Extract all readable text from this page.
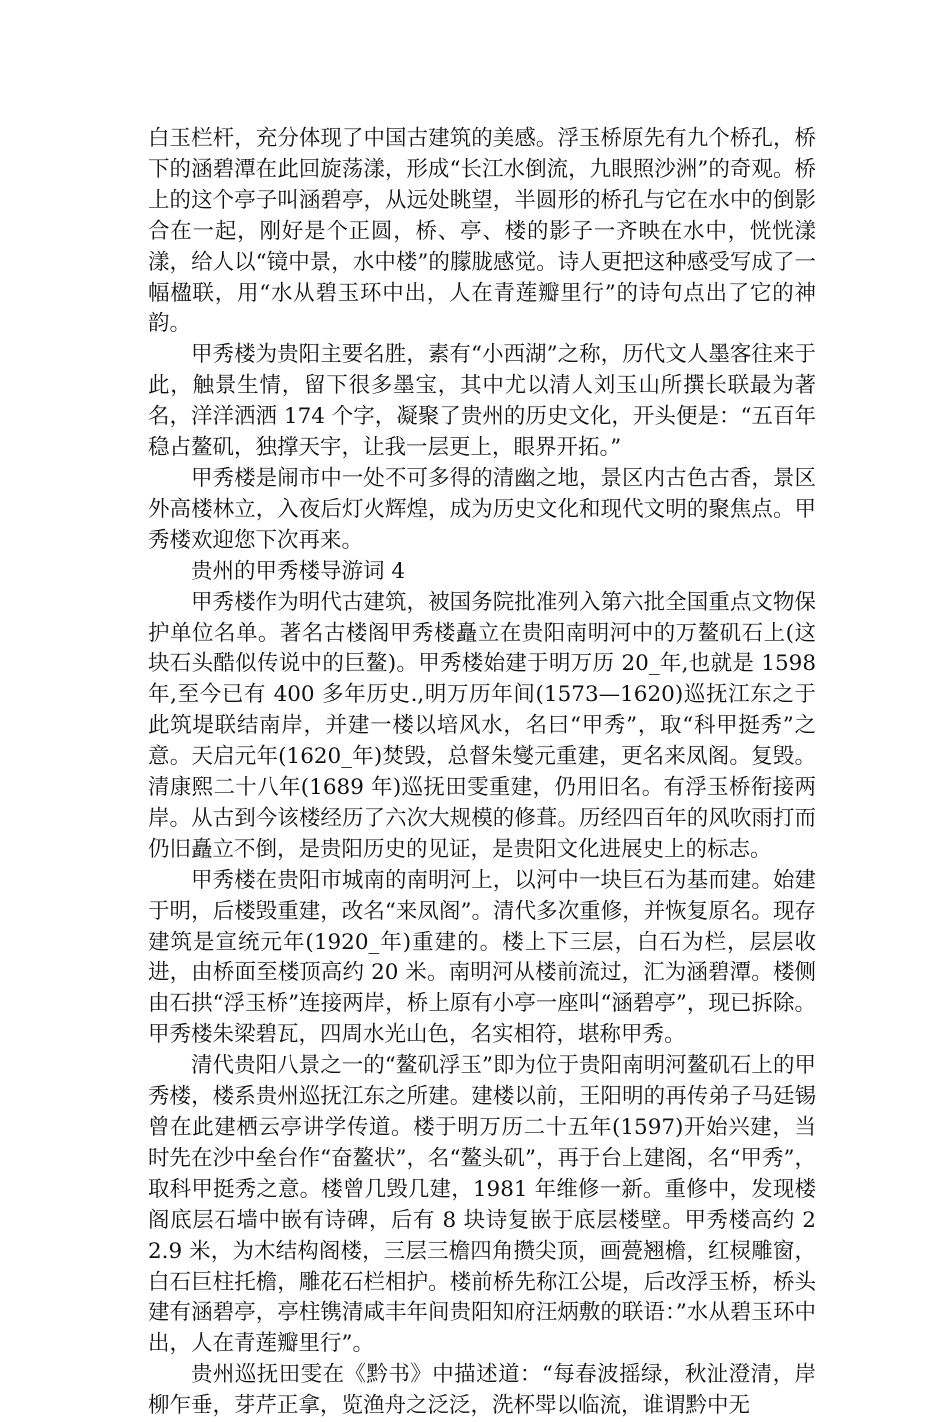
白玉栏杆，充分体现了中国古建筑的美感。浮玉桥原先有九个桥孔，桥下的涵碧潭在此回旋荡漾，形成“长江水倒流，九眼照沙洲”的奇观。桥上的这个亭子叫涵碧亭，从远处眺望，半圆形的桥孔与它在水中的倒影合在一起，刚好是个正圆，桥、亭、楼的影子一齐映在水中，恍恍漾漾，给人以“镜中景，水中楼”的朦胧感觉。诗人更把这种感受写成了一幅楹联，用“水从碧玉环中出，人在青莲瓣里行”的诗句点出了它的神韵。

甲秀楼为贵阳主要名胜，素有“小西湖”之称，历代文人墨客往来于此，触景生情，留下很多墨宝，其中尤以清人刘玉山所撰长联最为著名，洋洋洒洒 174 个字，凝聚了贵州的历史文化，开头便是：“五百年稳占鳌矶，独撑天宇，让我一层更上，眼界开拓。”

甲秀楼是闹市中一处不可多得的清幽之地，景区内古色古香，景区外高楼林立，入夜后灯火辉煌，成为历史文化和现代文明的聚焦点。甲秀楼欢迎您下次再来。

贵州的甲秀楼导游词 4

甲秀楼作为明代古建筑，被国务院批准列入第六批全国重点文物保护单位名单。著名古楼阁甲秀楼矗立在贵阳南明河中的万鳌矶石上(这块石头酷似传说中的巨鳌)。甲秀楼始建于明万历 20_年,也就是 1598 年,至今已有 400 多年历史.,明万历年间(1573—1620)巡抚江东之于此筑堤联结南岸，并建一楼以培风水，名曰“甲秀”，取“科甲挺秀”之意。天启元年(1620_年)焚毁，总督朱燮元重建，更名来凤阁。复毁。清康熙二十八年(1689 年)巡抚田雯重建，仍用旧名。有浮玉桥衔接两岸。从古到今该楼经历了六次大规模的修葺。历经四百年的风吹雨打而仍旧矗立不倒，是贵阳历史的见证，是贵阳文化进展史上的标志。

甲秀楼在贵阳市城南的南明河上，以河中一块巨石为基而建。始建于明，后楼毁重建，改名“来凤阁”。清代多次重修，并恢复原名。现存建筑是宣统元年(1920_年)重建的。楼上下三层，白石为栏，层层收进，由桥面至楼顶高约 20 米。南明河从楼前流过，汇为涵碧潭。楼侧由石拱“浮玉桥”连接两岸，桥上原有小亭一座叫“涵碧亭”，现已拆除。甲秀楼朱梁碧瓦，四周水光山色，名实相符，堪称甲秀。

清代贵阳八景之一的“鳌矶浮玉”即为位于贵阳南明河鳌矶石上的甲秀楼，楼系贵州巡抚江东之所建。建楼以前，王阳明的再传弟子马廷锡曾在此建栖云亭讲学传道。楼于明万历二十五年(1597)开始兴建，当时先在沙中垒台作“奋鳌状”，名“鳌头矶”，再于台上建阁，名“甲秀”，取科甲挺秀之意。楼曾几毁几建，1981 年维修一新。重修中，发现楼阁底层石墙中嵌有诗碑，后有 8 块诗复嵌于底层楼壁。甲秀楼高约 22.9 米，为木结构阁楼，三层三檐四角攒尖顶，画甍翘檐，红棂雕窗，白石巨柱托檐，雕花石栏相护。楼前桥先称江公堤，后改浮玉桥，桥头建有涵碧亭，亭柱镌清咸丰年间贵阳知府汪炳敷的联语：”水从碧玉环中出，人在青莲瓣里行”。

贵州巡抚田雯在《黔书》中描述道：“每春波摇绿，秋沚澄清，岸柳乍垂，芽芹正拿，览渔舟之泛泛，洗杯斝以临流，谁谓黔中无
